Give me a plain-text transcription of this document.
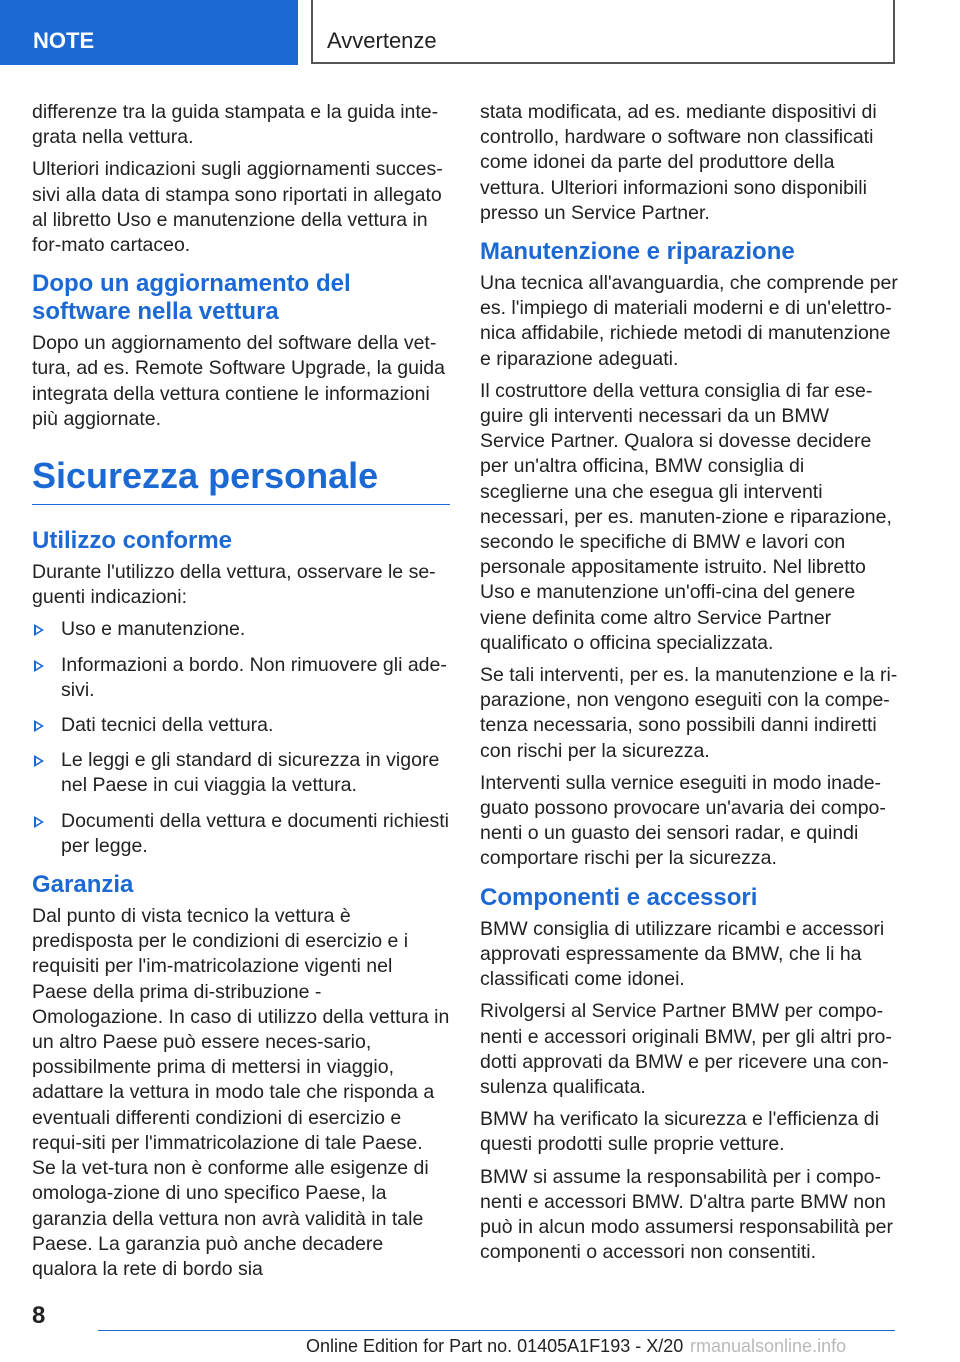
NOTE	Avvertenze

differenze tra la guida stampata e la guida inte-grata nella vettura.

Ulteriori indicazioni sugli aggiornamenti succes-sivi alla data di stampa sono riportati in allegato al libretto Uso e manutenzione della vettura in for-mato cartaceo.

Dopo un aggiornamento del software nella vettura

Dopo un aggiornamento del software della vet-tura, ad es. Remote Software Upgrade, la guida integrata della vettura contiene le informazioni più aggiornate.

Sicurezza personale
Utilizzo conforme

Durante l'utilizzo della vettura, osservare le se-guenti indicazioni:

Uso e manutenzione.
Informazioni a bordo. Non rimuovere gli ade-sivi.
Dati tecnici della vettura.
Le leggi e gli standard di sicurezza in vigore nel Paese in cui viaggia la vettura.
Documenti della vettura e documenti richiesti per legge.
Garanzia

Dal punto di vista tecnico la vettura è predisposta per le condizioni di esercizio e i requisiti per l'im-matricolazione vigenti nel Paese della prima di-stribuzione - Omologazione. In caso di utilizzo della vettura in un altro Paese può essere neces-sario, possibilmente prima di mettersi in viaggio, adattare la vettura in modo tale che risponda a eventuali differenti condizioni di esercizio e requi-siti per l'immatricolazione di tale Paese. Se la vet-tura non è conforme alle esigenze di omologa-zione di uno specifico Paese, la garanzia della vettura non avrà validità in tale Paese. La garanzia può anche decadere qualora la rete di bordo sia

stata modificata, ad es. mediante dispositivi di controllo, hardware o software non classificati come idonei da parte del produttore della vettura. Ulteriori informazioni sono disponibili presso un Service Partner.

Manutenzione e riparazione

Una tecnica all'avanguardia, che comprende per es. l'impiego di materiali moderni e di un'elettro-nica affidabile, richiede metodi di manutenzione e riparazione adeguati.

Il costruttore della vettura consiglia di far ese-guire gli interventi necessari da un BMW Service Partner. Qualora si dovesse decidere per un'altra officina, BMW consiglia di sceglierne una che esegua gli interventi necessari, per es. manuten-zione e riparazione, secondo le specifiche di BMW e lavori con personale appositamente istruito. Nel libretto Uso e manutenzione un'offi-cina del genere viene definita come altro Service Partner qualificato o officina specializzata.

Se tali interventi, per es. la manutenzione e la ri-parazione, non vengono eseguiti con la compe-tenza necessaria, sono possibili danni indiretti con rischi per la sicurezza.

Interventi sulla vernice eseguiti in modo inade-guato possono provocare un'avaria dei compo-nenti o un guasto dei sensori radar, e quindi comportare rischi per la sicurezza.

Componenti e accessori

BMW consiglia di utilizzare ricambi e accessori approvati espressamente da BMW, che li ha classificati come idonei.

Rivolgersi al Service Partner BMW per compo-nenti e accessori originali BMW, per gli altri pro-dotti approvati da BMW e per ricevere una con-sulenza qualificata.

BMW ha verificato la sicurezza e l'efficienza di questi prodotti sulle proprie vetture.

BMW si assume la responsabilità per i compo-nenti e accessori BMW. D'altra parte BMW non può in alcun modo assumersi responsabilità per componenti o accessori non consentiti.

8
Online Edition for Part no. 01405A1F193 - X/20 rmanualsonline.info
